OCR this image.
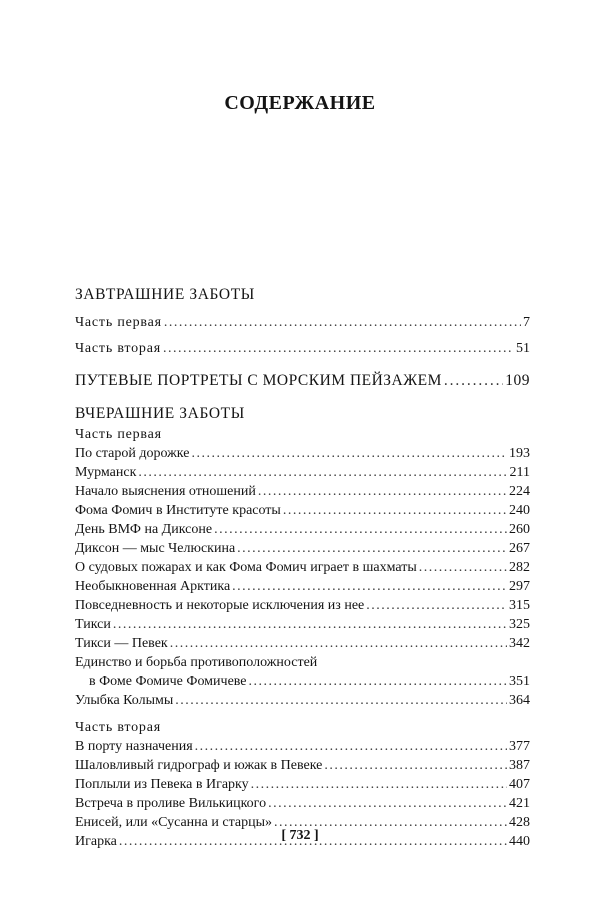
СОДЕРЖАНИЕ
ЗАВТРАШНИЕ ЗАБОТЫ
Часть первая . . .	7
Часть вторая . . .	51
ПУТЕВЫЕ ПОРТРЕТЫ С МОРСКИМ ПЕЙЗАЖЕМ . . .	109
ВЧЕРАШНИЕ ЗАБОТЫ
Часть первая
По старой дорожке . . .	193
Мурманск . . .	211
Начало выяснения отношений . . .	224
Фома Фомич в Институте красоты . . .	240
День ВМФ на Диксоне . . .	260
Диксон — мыс Челюскина . . .	267
О судовых пожарах и как Фома Фомич играет в шахматы . . .	282
Необыкновенная Арктика . . .	297
Повседневность и некоторые исключения из нее . . .	315
Тикси . . .	325
Тикси — Певек . . .	342
Единство и борьба противоположностей
в Фоме Фомиче Фомичеве . . .	351
Улыбка Колымы . . .	364
Часть вторая
В порту назначения . . .	377
Шаловливый гидрограф и южак в Певеке . . .	387
Поплыли из Певека в Игарку . . .	407
Встреча в проливе Вилькицкого . . .	421
Енисей, или «Сусанна и старцы» . . .	428
Игарка . . .	440
[ 732 ]
